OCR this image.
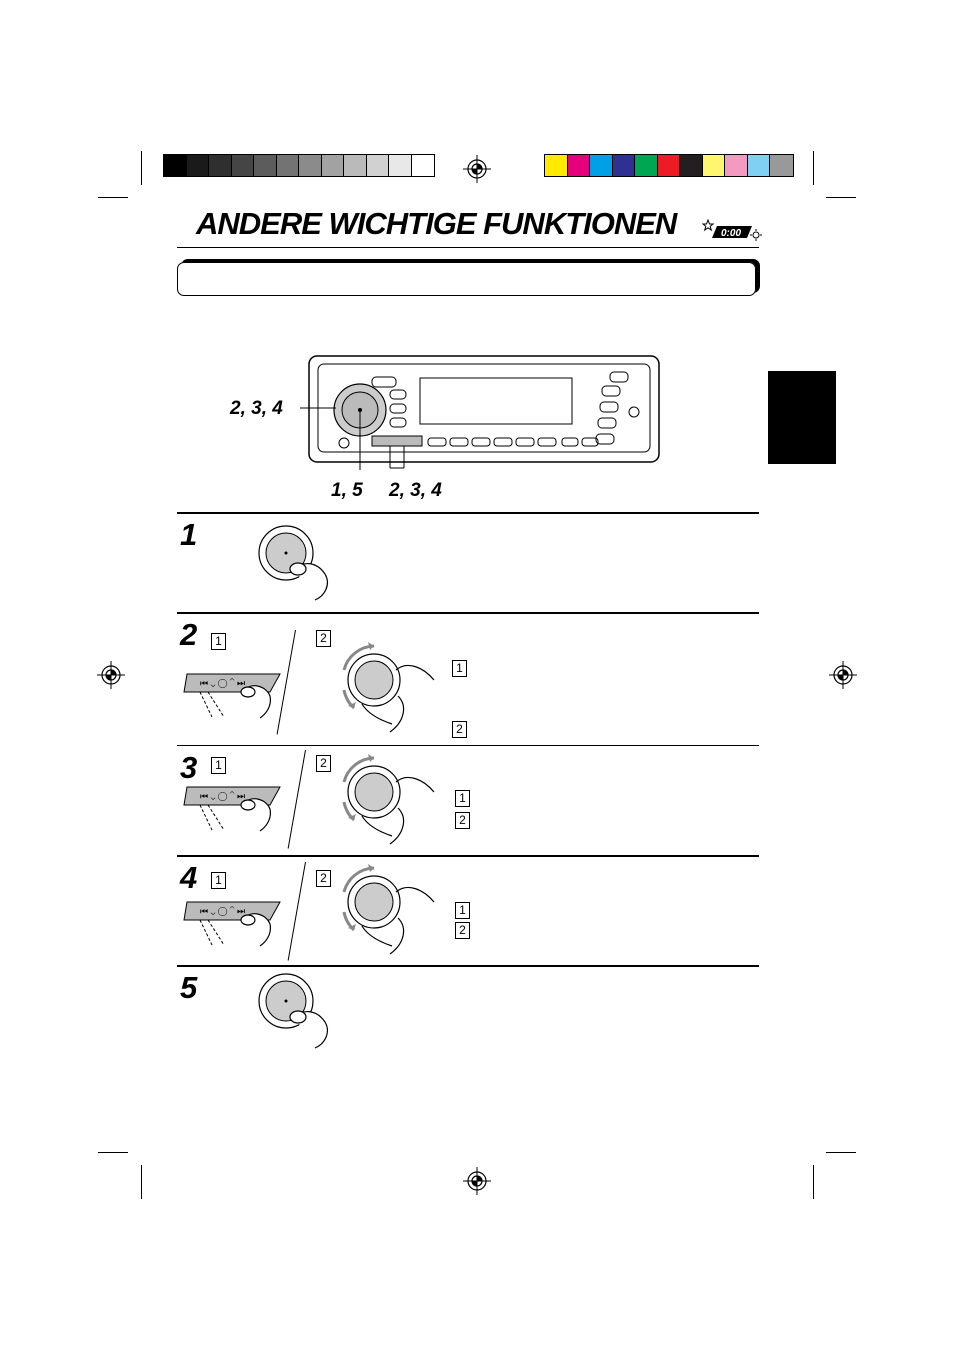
ANDERE WICHTIGE FUNKTIONEN	0:00
2, 3, 4
1, 5 2, 3, 4
1
2	1	2
⏮ ⌄ ◯ ⌃ ⏭
1
2
3	1	2
⏮ ⌄ ◯ ⌃ ⏭	1
2
4	1	2
⏮ ⌄ ◯ ⌃ ⏭	1
2
5
